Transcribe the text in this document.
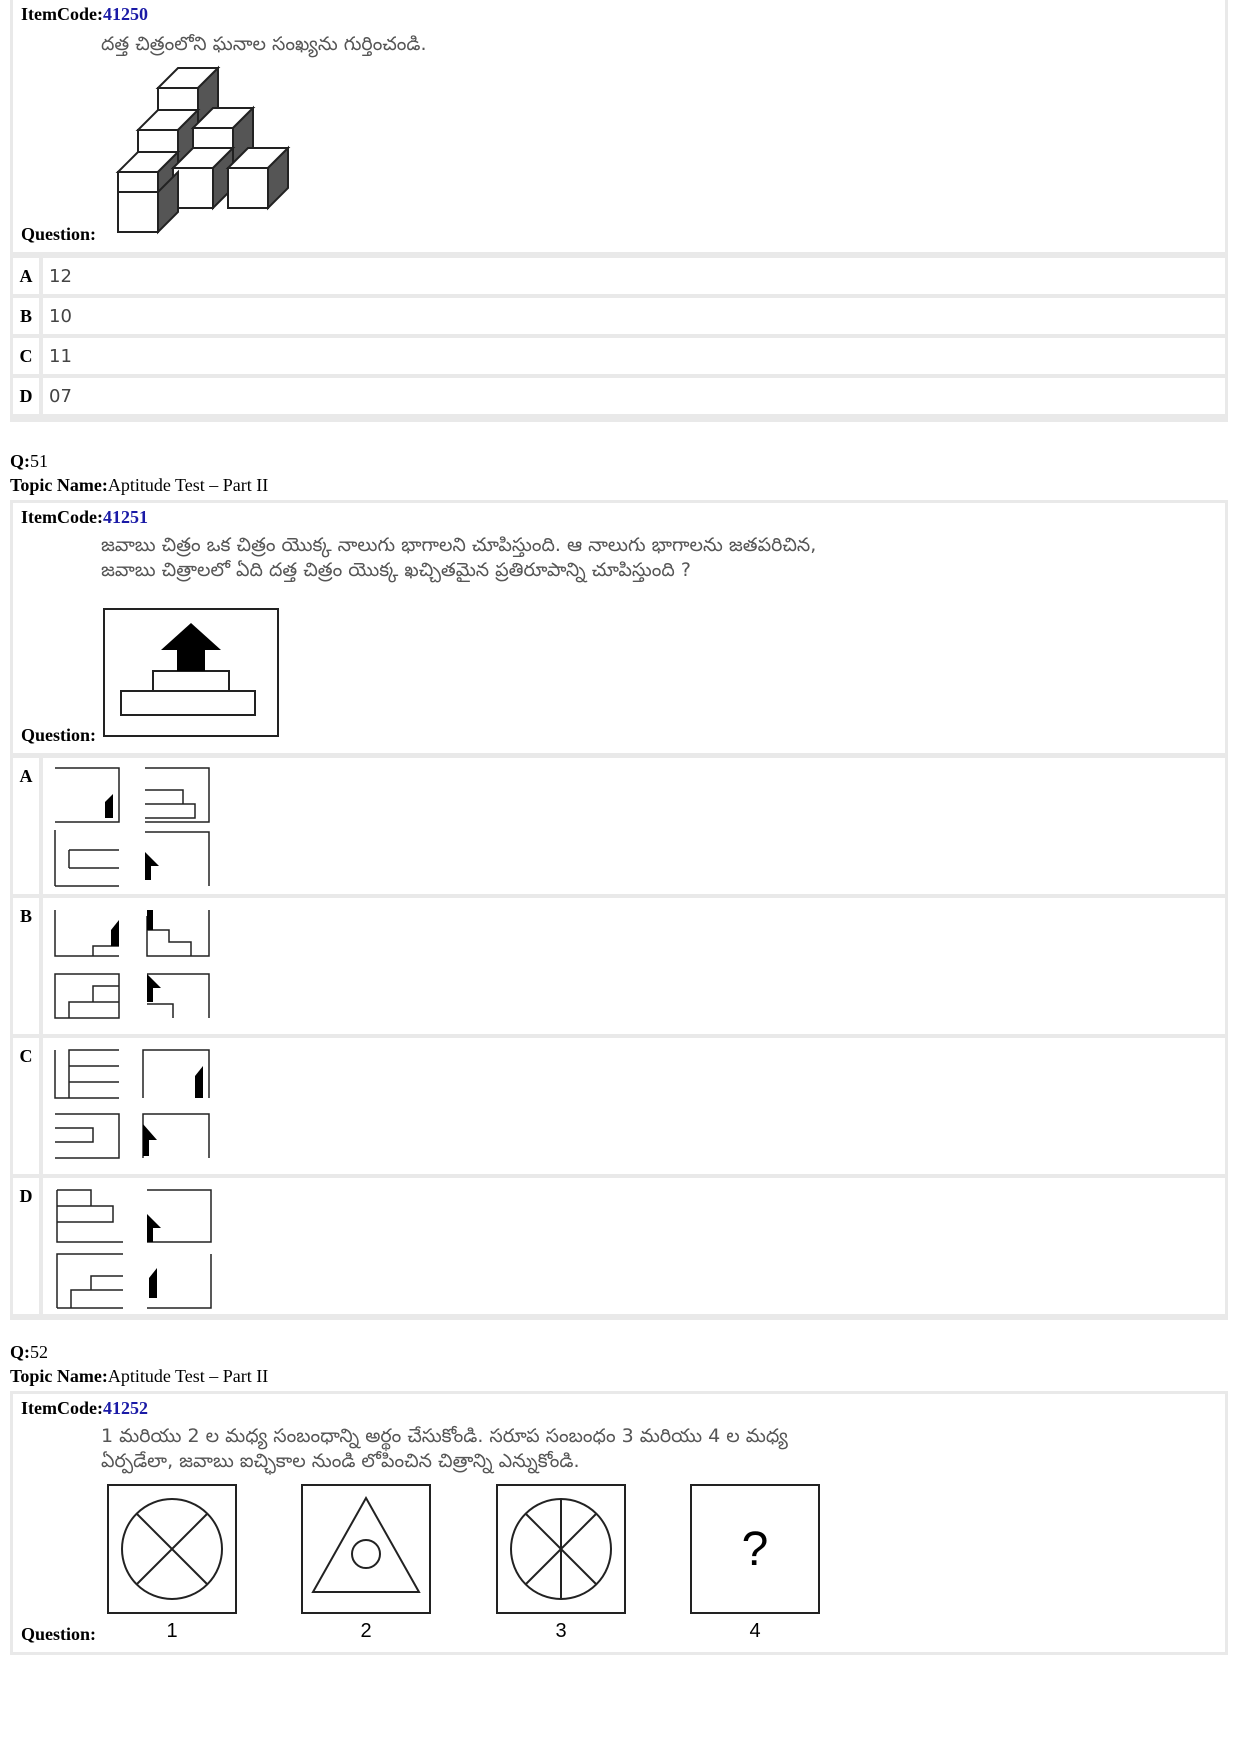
ItemCode:41250
దత్త చిత్రంలోని ఘనాల సంఖ్యను గుర్తించండి.
Question:
A 12
B 10
C 11
D 07
Q:51
Topic Name:Aptitude Test – Part II
ItemCode:41251
జవాబు చిత్రం ఒక చిత్రం యొక్క నాలుగు భాగాలని చూపిస్తుంది. ఆ నాలుగు భాగాలను జతపరిచిన, జవాబు చిత్రాలలో ఏది దత్త చిత్రం యొక్క ఖచ్చితమైన ప్రతిరూపాన్ని చూపిస్తుంది ?
Question:
A
B
C
D
Q:52
Topic Name:Aptitude Test – Part II
ItemCode:41252
1 మరియు 2 ల మధ్య సంబంధాన్ని అర్థం చేసుకోండి. సరూప సంబంధం 3 మరియు 4 ల మధ్య ఏర్పడేలా, జవాబు ఐచ్ఛికాల నుండి లోపించిన చిత్రాన్ని ఎన్నుకోండి.
Question:
?
1	2	3	4
